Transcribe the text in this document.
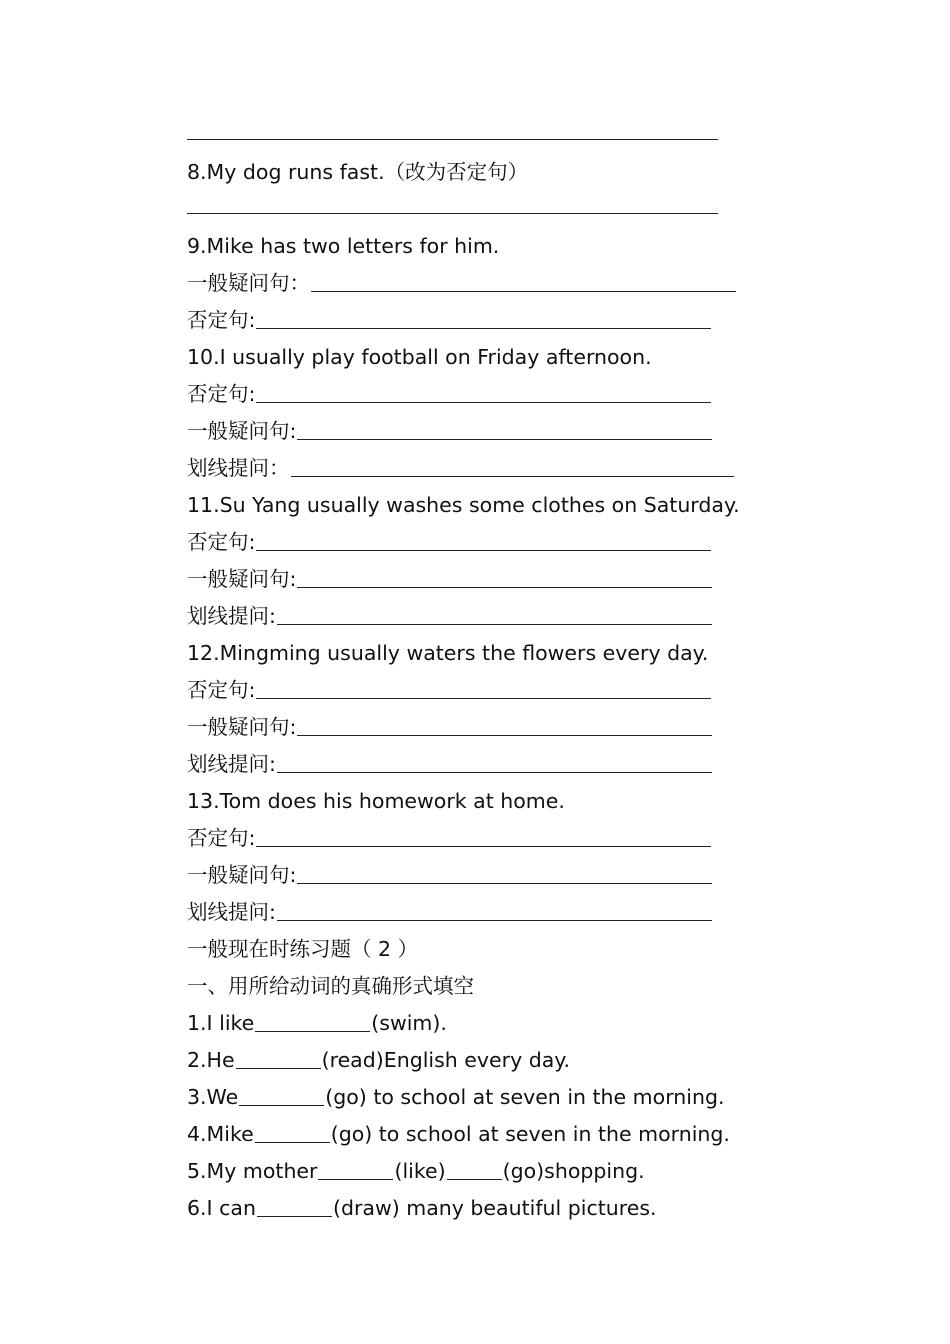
8.My dog runs fast.（改为否定句）
9.Mike has two letters for him.
一般疑问句：
否定句:
10.I usually play football on Friday afternoon.
否定句:
一般疑问句:
划线提问：
11.Su Yang usually washes some clothes on Saturday.
否定句:
一般疑问句:
划线提问:
12.Mingming usually waters the flowers every day.
否定句:
一般疑问句:
划线提问:
13.Tom does his homework at home.
否定句:
一般疑问句:
划线提问:
一般现在时练习题（ 2 ）
一、用所给动词的真确形式填空
1.I like	(swim).
2.He	(read)English every day.
3.We	(go) to school at seven in the morning.
4.Mike	(go) to school at seven in the morning.
5.My mother	(like)	(go)shopping.
6.I can	(draw) many beautiful pictures.
